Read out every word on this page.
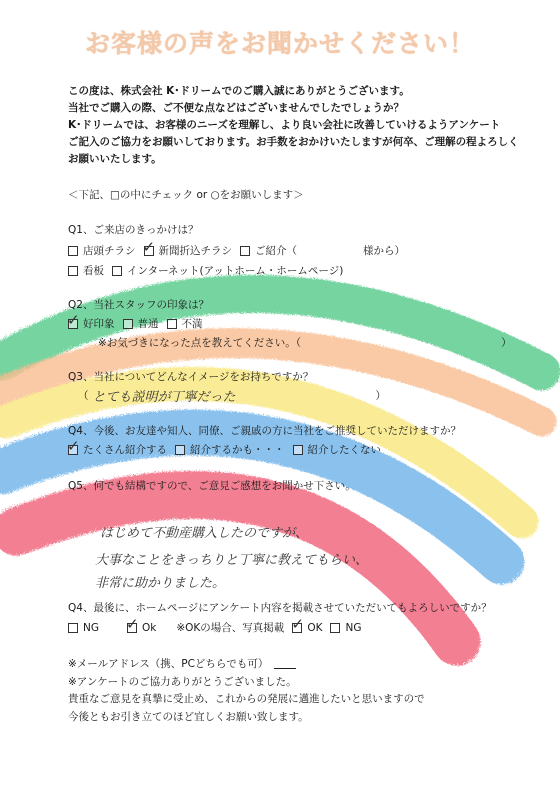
お客様の声をお聞かせください！
この度は、株式会社 K･ドリームでのご購入誠にありがとうございます。
当社でご購入の際、ご不便な点などはございませんでしたでしょうか？
K･ドリームでは、お客様のニーズを理解し、より良い会社に改善していけるようアンケート
ご記入のご協力をお願いしております。お手数をおかけいたしますが何卒、ご理解の程よろしく
お願いいたします。
＜下記、□の中にチェック or ○をお願いします＞
Q1、ご来店のきっかけは？
店頭チラシ ✓ 新聞折込チラシ ご紹介（	様から）
看板 インターネット(アットホーム・ホームページ)
Q2、当社スタッフの印象は？
✓
好印象 普通 不満
※お気づきになった点を教えてください。（	）
Q3、当社についてどんなイメージをお持ちですか？
（ とても説明が丁寧だった	）
Q4、今後、お友達や知人、同僚、ご親戚の方に当社をご推奨していただけますか？
✓
たくさん紹介する 紹介するかも・・・ 紹介したくない
Q5、何でも結構ですので、ご意見ご感想をお聞かせ下さい。
はじめて不動産購入したのですが、
大事なことをきっちりと丁寧に教えてもらい、
非常に助かりました。
Q4、最後に、ホームページにアンケート内容を掲載させていただいてもよろしいですか？
NG ✓	Ok ※OKの場合、写真掲載 ✓ OK NG
※メールアドレス（携、PCどちらでも可）
※アンケートのご協力ありがとうございました。
貴重なご意見を真摯に受止め、これからの発展に邁進したいと思いますので
今後ともお引き立てのほど宜しくお願い致します。
